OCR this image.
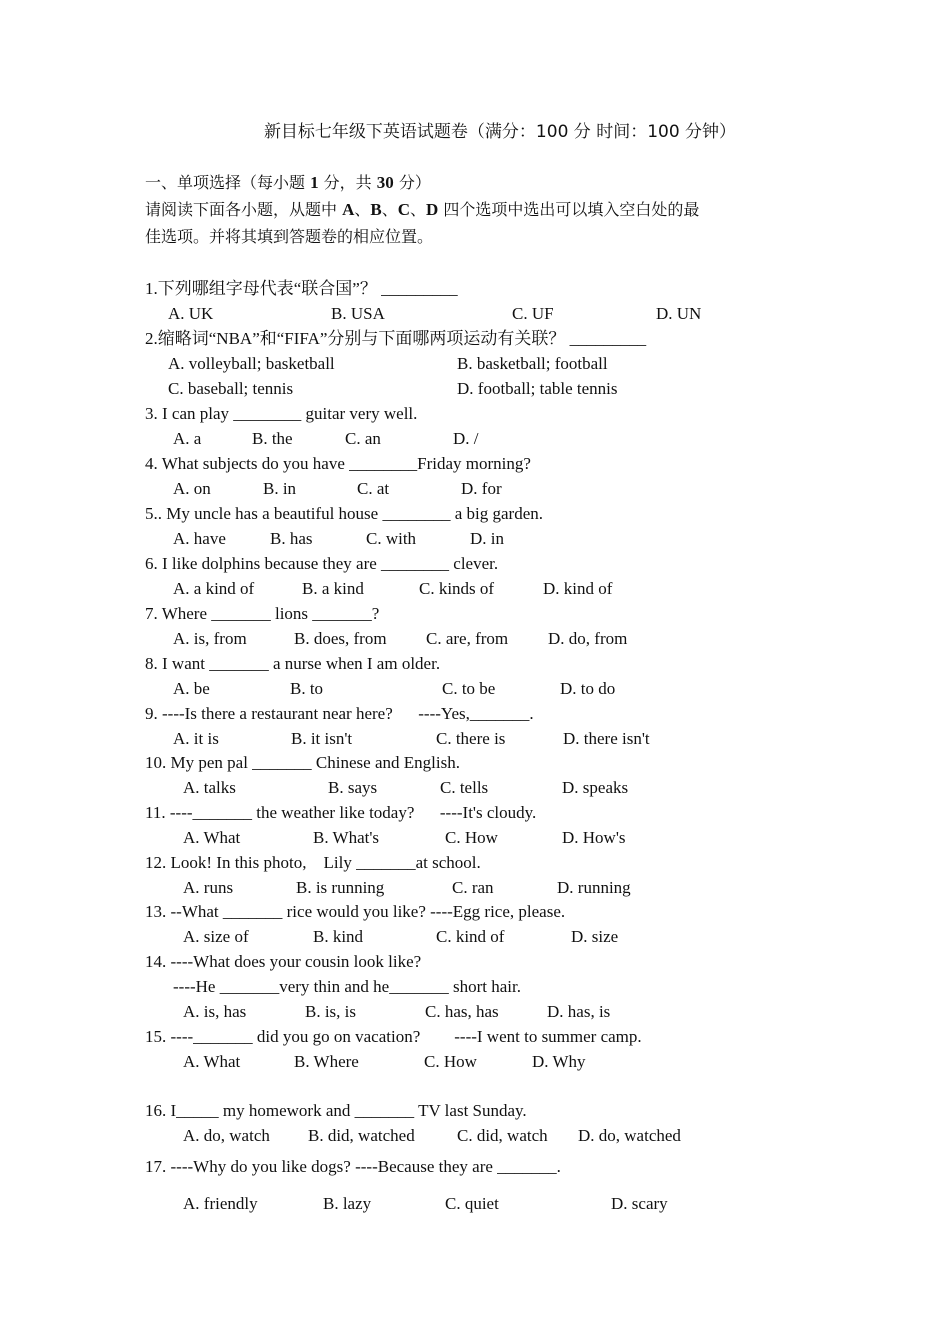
新目标七年级下英语试题卷（满分：100 分 时间：100 分钟）
一、单项选择（每小题 1 分，共 30 分）
请阅读下面各小题，从题中 A、B、C、D 四个选项中选出可以填入空白处的最
佳选项。并将其填到答题卷的相应位置。
1.下列哪组字母代表“联合国”？ _________
A. UK	B. USA	C. UF	D. UN
2.缩略词“NBA”和“FIFA”分别与下面哪两项运动有关联？ _________
A. volleyball; basketball	B. basketball; football
C. baseball; tennis	D. football; table tennis
3. I can play ________ guitar very well.
A. a	B. the	C. an	D. /
4. What subjects do you have ________Friday morning?
A. on	B. in	C. at	D. for
5.. My uncle has a beautiful house ________ a big garden.
A. have	B. has	C. with	D. in
6. I like dolphins because they are ________ clever.
A. a kind of	B. a kind	C. kinds of	D. kind of
7. Where _______ lions _______?
A. is, from	B. does, from C. are, from D. do, from
8. I want _______ a nurse when I am older.
A. be	B. to	C. to be	D. to do
9. ----Is there a restaurant near here?      ----Yes,_______.
A. it is	B. it isn't	C. there is	D. there isn't
10. My pen pal _______ Chinese and English.
A. talks	B. says	C. tells	D. speaks
11. ----_______ the weather like today?      ----It's cloudy.
A. What	B. What's	C. How	D. How's
12. Look! In this photo,    Lily _______at school.
A. runs	B. is running	C. ran	D. running
13. --What _______ rice would you like? ----Egg rice, please.
A. size of	B. kind	C. kind of	D. size
14. ----What does your cousin look like?
----He _______very thin and he_______ short hair.
A. is, has	B. is, is	C. has, has	D. has, is
15. ----_______ did you go on vacation?        ----I went to summer camp.
A. What	B. Where	C. How	D. Why
16. I_____ my homework and _______ TV last Sunday.
A. do, watch B. did, watched C. did, watch D. do, watched
17. ----Why do you like dogs? ----Because they are _______.
A. friendly	B. lazy	C. quiet	D. scary
